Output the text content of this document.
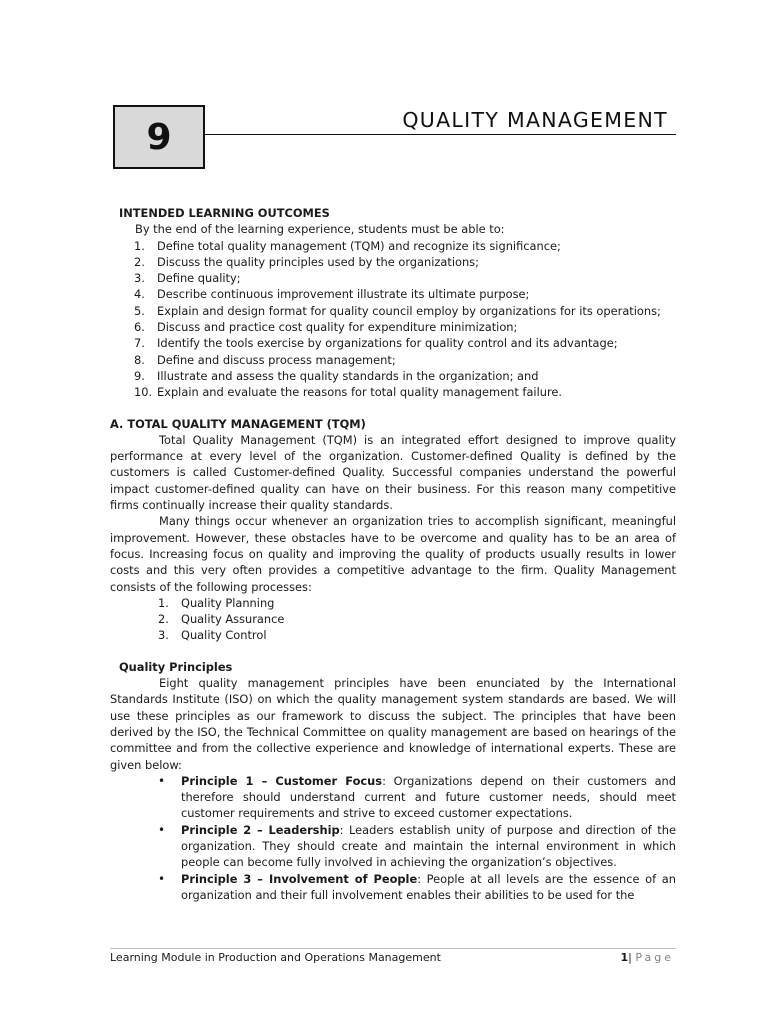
9	QUALITY MANAGEMENT

INTENDED LEARNING OUTCOMES

By the end of the learning experience, students must be able to:

1.	Define total quality management (TQM) and recognize its significance;
2.	Discuss the quality principles used by the organizations;
3.	Define quality;
4.	Describe continuous improvement illustrate its ultimate purpose;
5.	Explain and design format for quality council employ by organizations for its operations;
6.	Discuss and practice cost quality for expenditure minimization;
7.	Identify the tools exercise by organizations for quality control and its advantage;
8.	Define and discuss process management;
9.	Illustrate and assess the quality standards in the organization; and
10. Explain and evaluate the reasons for total quality management failure.

A. TOTAL QUALITY MANAGEMENT (TQM)

Total Quality Management (TQM) is an integrated effort designed to improve quality performance at every level of the organization. Customer-defined Quality is defined by the customers is called Customer-defined Quality. Successful companies understand the powerful impact customer-defined quality can have on their business. For this reason many competitive firms continually increase their quality standards.

Many things occur whenever an organization tries to accomplish significant, meaningful improvement. However, these obstacles have to be overcome and quality has to be an area of focus. Increasing focus on quality and improving the quality of products usually results in lower costs and this very often provides a competitive advantage to the firm. Quality Management consists of the following processes:

1.	Quality Planning
2.	Quality Assurance
3.	Quality Control

Quality Principles

Eight quality management principles have been enunciated by the International Standards Institute (ISO) on which the quality management system standards are based. We will use these principles as our framework to discuss the subject. The principles that have been derived by the ISO, the Technical Committee on quality management are based on hearings of the committee and from the collective experience and knowledge of international experts. These are given below:

•	Principle 1 – Customer Focus: Organizations depend on their customers and therefore should understand current and future customer needs, should meet customer requirements and strive to exceed customer expectations.
•	Principle 2 – Leadership: Leaders establish unity of purpose and direction of the organization. They should create and maintain the internal environment in which people can become fully involved in achieving the organization’s objectives.
•	Principle 3 – Involvement of People: People at all levels are the essence of an organization and their full involvement enables their abilities to be used for the
Learning Module in Production and Operations Management	1| Page
